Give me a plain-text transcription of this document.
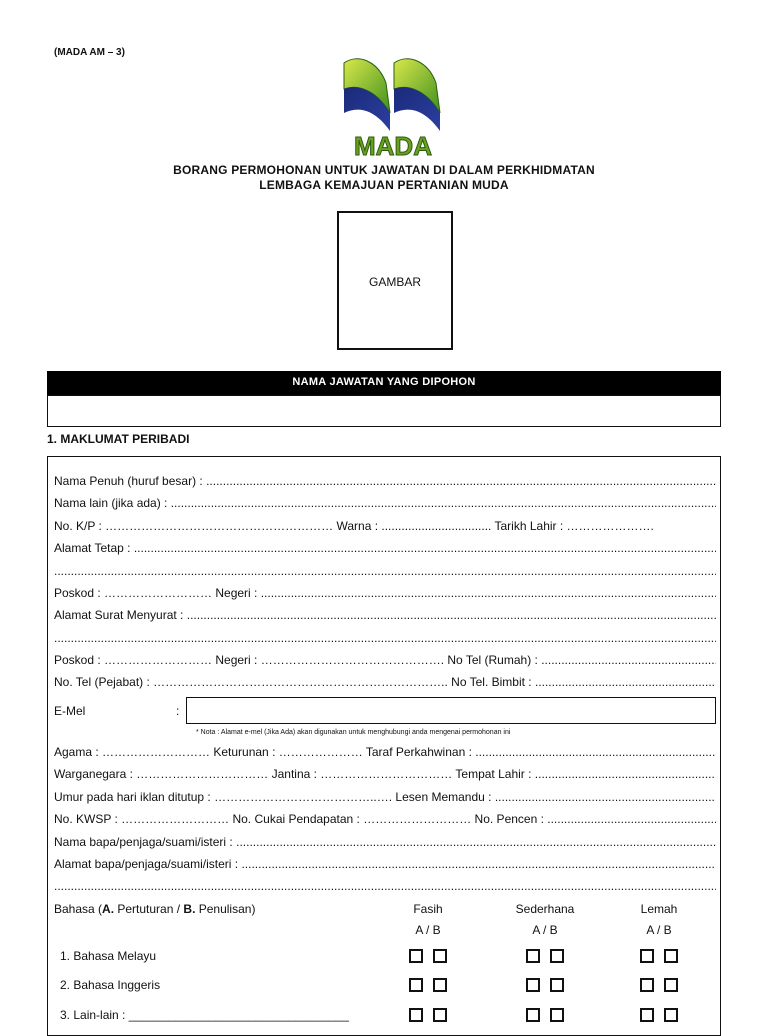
(MADA AM – 3)
MADA
BORANG PERMOHONAN UNTUK JAWATAN DI DALAM PERKHIDMATAN
LEMBAGA KEMAJUAN PERTANIAN MUDA
GAMBAR
NAMA JAWATAN YANG DIPOHON
1. MAKLUMAT PERIBADI
Nama Penuh (huruf besar) : .....
Nama lain (jika ada) : .....
No. K/P : ………………………………………………… Warna : ................................. Tarikh Lahir : ………………….
Alamat Tetap : .....
.....
Poskod : ……………………… Negeri : .....
Alamat Surat Menyurat : .....
.....
Poskod : ……………………… Negeri : ………………………………………. No Tel (Rumah) : .....
No. Tel (Pejabat) : ……………………………………………………………….. No Tel. Bimbit : .....
E-Mel	:
* Nota : Alamat e-mel (Jika Ada) akan digunakan untuk menghubungi anda mengenai permohonan ini
Agama : ……………………… Keturunan : ………………… Taraf Perkahwinan : .....
Warganegara : …………………………… Jantina : …………………………… Tempat Lahir : .....
Umur pada hari iklan ditutup : …………………………………..…. Lesen Memandu : .....
No. KWSP : ……………………… No. Cukai Pendapatan : ……………………… No. Pencen : .....
Nama bapa/penjaga/suami/isteri : .....
Alamat bapa/penjaga/suami/isteri : .....
.....
Bahasa (A. Pertuturan / B. Penulisan)	Fasih	Sederhana	Lemah
A / B	A / B	A / B
1. Bahasa Melayu
2. Bahasa Inggeris
3. Lain-lain : _________________________________
